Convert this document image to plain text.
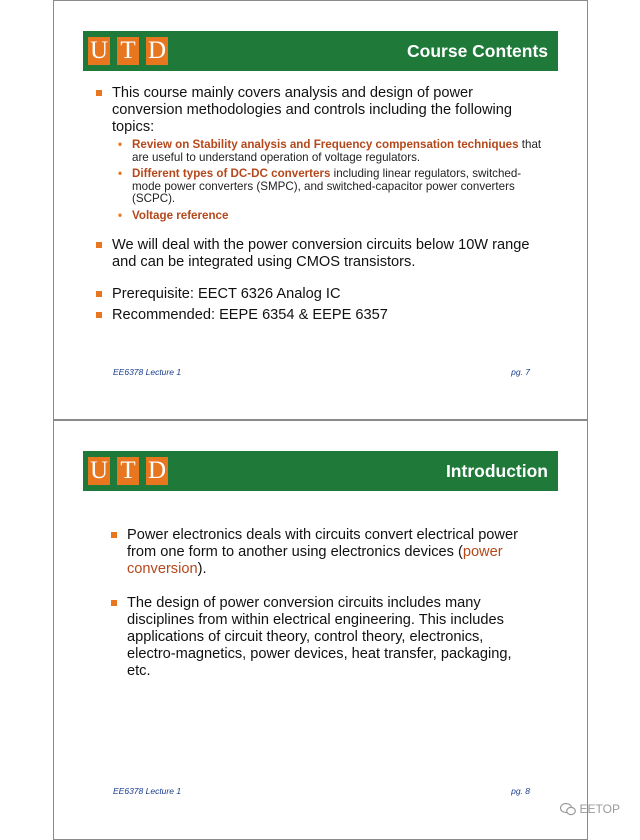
U T D	Course Contents
This course mainly covers analysis and design of power conversion methodologies and controls including the following topics:
• Review on Stability analysis and Frequency compensation techniques that are useful to understand operation of voltage regulators.
• Different types of DC-DC converters including linear regulators, switched-mode power converters (SMPC), and switched-capacitor power converters (SCPC).
• Voltage reference
We will deal with the power conversion circuits below 10W range and can be integrated using CMOS transistors.
Prerequisite: EECT 6326 Analog IC
Recommended: EEPE 6354 & EEPE 6357
EE6378 Lecture 1	pg. 7
U T D	Introduction
Power electronics deals with circuits convert electrical power from one form to another using electronics devices (power conversion).
The design of power conversion circuits includes many disciplines from within electrical engineering. This includes applications of circuit theory, control theory, electronics, electro-magnetics, power devices, heat transfer, packaging, etc.
EE6378 Lecture 1	pg. 8
EETOP
